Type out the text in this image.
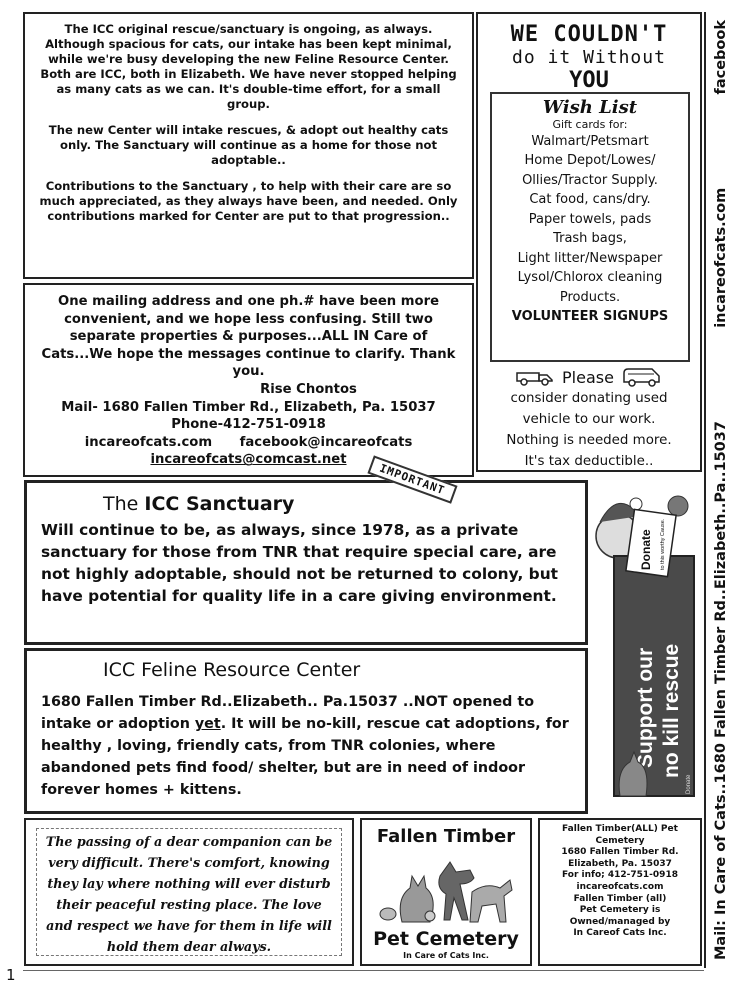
The ICC original rescue/sanctuary is ongoing, as always. Although spacious for cats, our intake has been kept minimal, while we're busy developing the new Feline Resource Center. Both are ICC, both in Elizabeth. We have never stopped helping as many cats as we can. It's double-time effort, for a small group.

The new Center will intake rescues, & adopt out healthy cats only. The Sanctuary will continue as a home for those not adoptable..

Contributions to the Sanctuary , to help with their care are so much appreciated, as they always have been, and needed. Only contributions marked for Center are put to that progression..

One mailing address and one ph.# have been more convenient, and we hope less confusing. Still two separate properties & purposes...ALL IN Care of Cats...We hope the messages continue to clarify. Thank you.

Rise Chontos

Mail- 1680 Fallen Timber Rd., Elizabeth, Pa. 15037

Phone-412-751-0918

incareofcats.com facebook@incareofcats

incareofcats@comcast.net

WE COULDN'T
do it Without
YOU
Wish List
Gift cards for:
Walmart/Petsmart
Home Depot/Lowes/
Ollies/Tractor Supply.
Cat food, cans/dry.
Paper towels, pads
Trash bags,
Light litter/Newspaper
Lysol/Chlorox cleaning
Products.
VOLUNTEER SIGNUPS
Please
consider donating used
vehicle to our work.
Nothing is needed more.
It's tax deductible..
The ICC Sanctuary
Will continue to be, as always, since 1978, as a private sanctuary for those from TNR that require special care, are not highly adoptable, should not be returned to colony, but have potential for quality life in a care giving environment.
IMPORTANT
ICC Feline Resource Center
1680 Fallen Timber Rd..Elizabeth.. Pa.15037 ..NOT opened to intake or adoption yet. It will be no-kill, rescue cat adoptions, for healthy , loving, friendly cats, from TNR colonies, where abandoned pets find food/ shelter, but are in need of indoor forever homes + kittens.
Donate to this worthy Cause.
Support our no kill rescue
Donate
The passing of a dear companion can be very difficult. There's comfort, knowing they lay where nothing will ever disturb their peaceful resting place. The love and respect we have for them in life will hold them dear always.
Fallen Timber
Pet Cemetery
In Care of Cats Inc.
Fallen Timber(ALL) Pet
Cemetery
1680 Fallen Timber Rd.
Elizabeth, Pa. 15037
For info; 412-751-0918
incareofcats.com
Fallen Timber (all)
Pet Cemetery is
Owned/managed by
In Careof Cats Inc.	Mail: In Care of Cats..1680 Fallen Timber Rd..Elizabeth..Pa..15037
incareofcats.com
facebook
1
